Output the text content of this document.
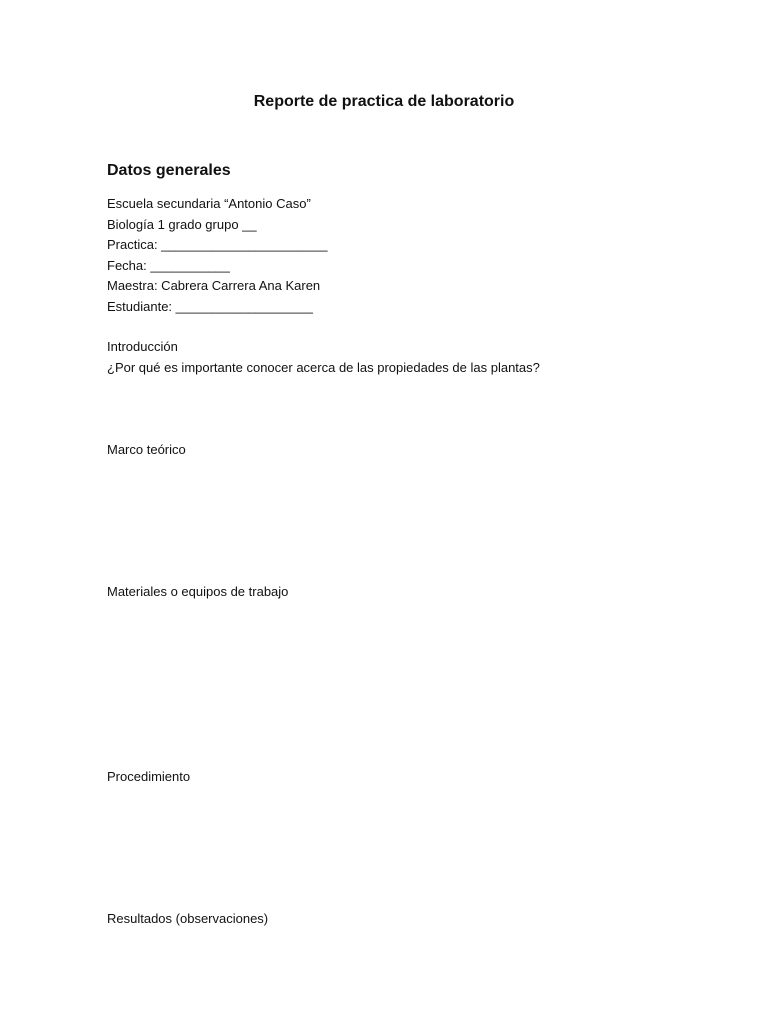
Reporte de practica de laboratorio
Datos generales
Escuela secundaria “Antonio Caso”
Biología 1 grado grupo __
Practica: _______________________
Fecha: ___________
Maestra: Cabrera Carrera Ana Karen
Estudiante: ___________________
Introducción
¿Por qué es importante conocer acerca de las propiedades de las plantas?
Marco teórico
Materiales o equipos de trabajo
Procedimiento
Resultados (observaciones)
